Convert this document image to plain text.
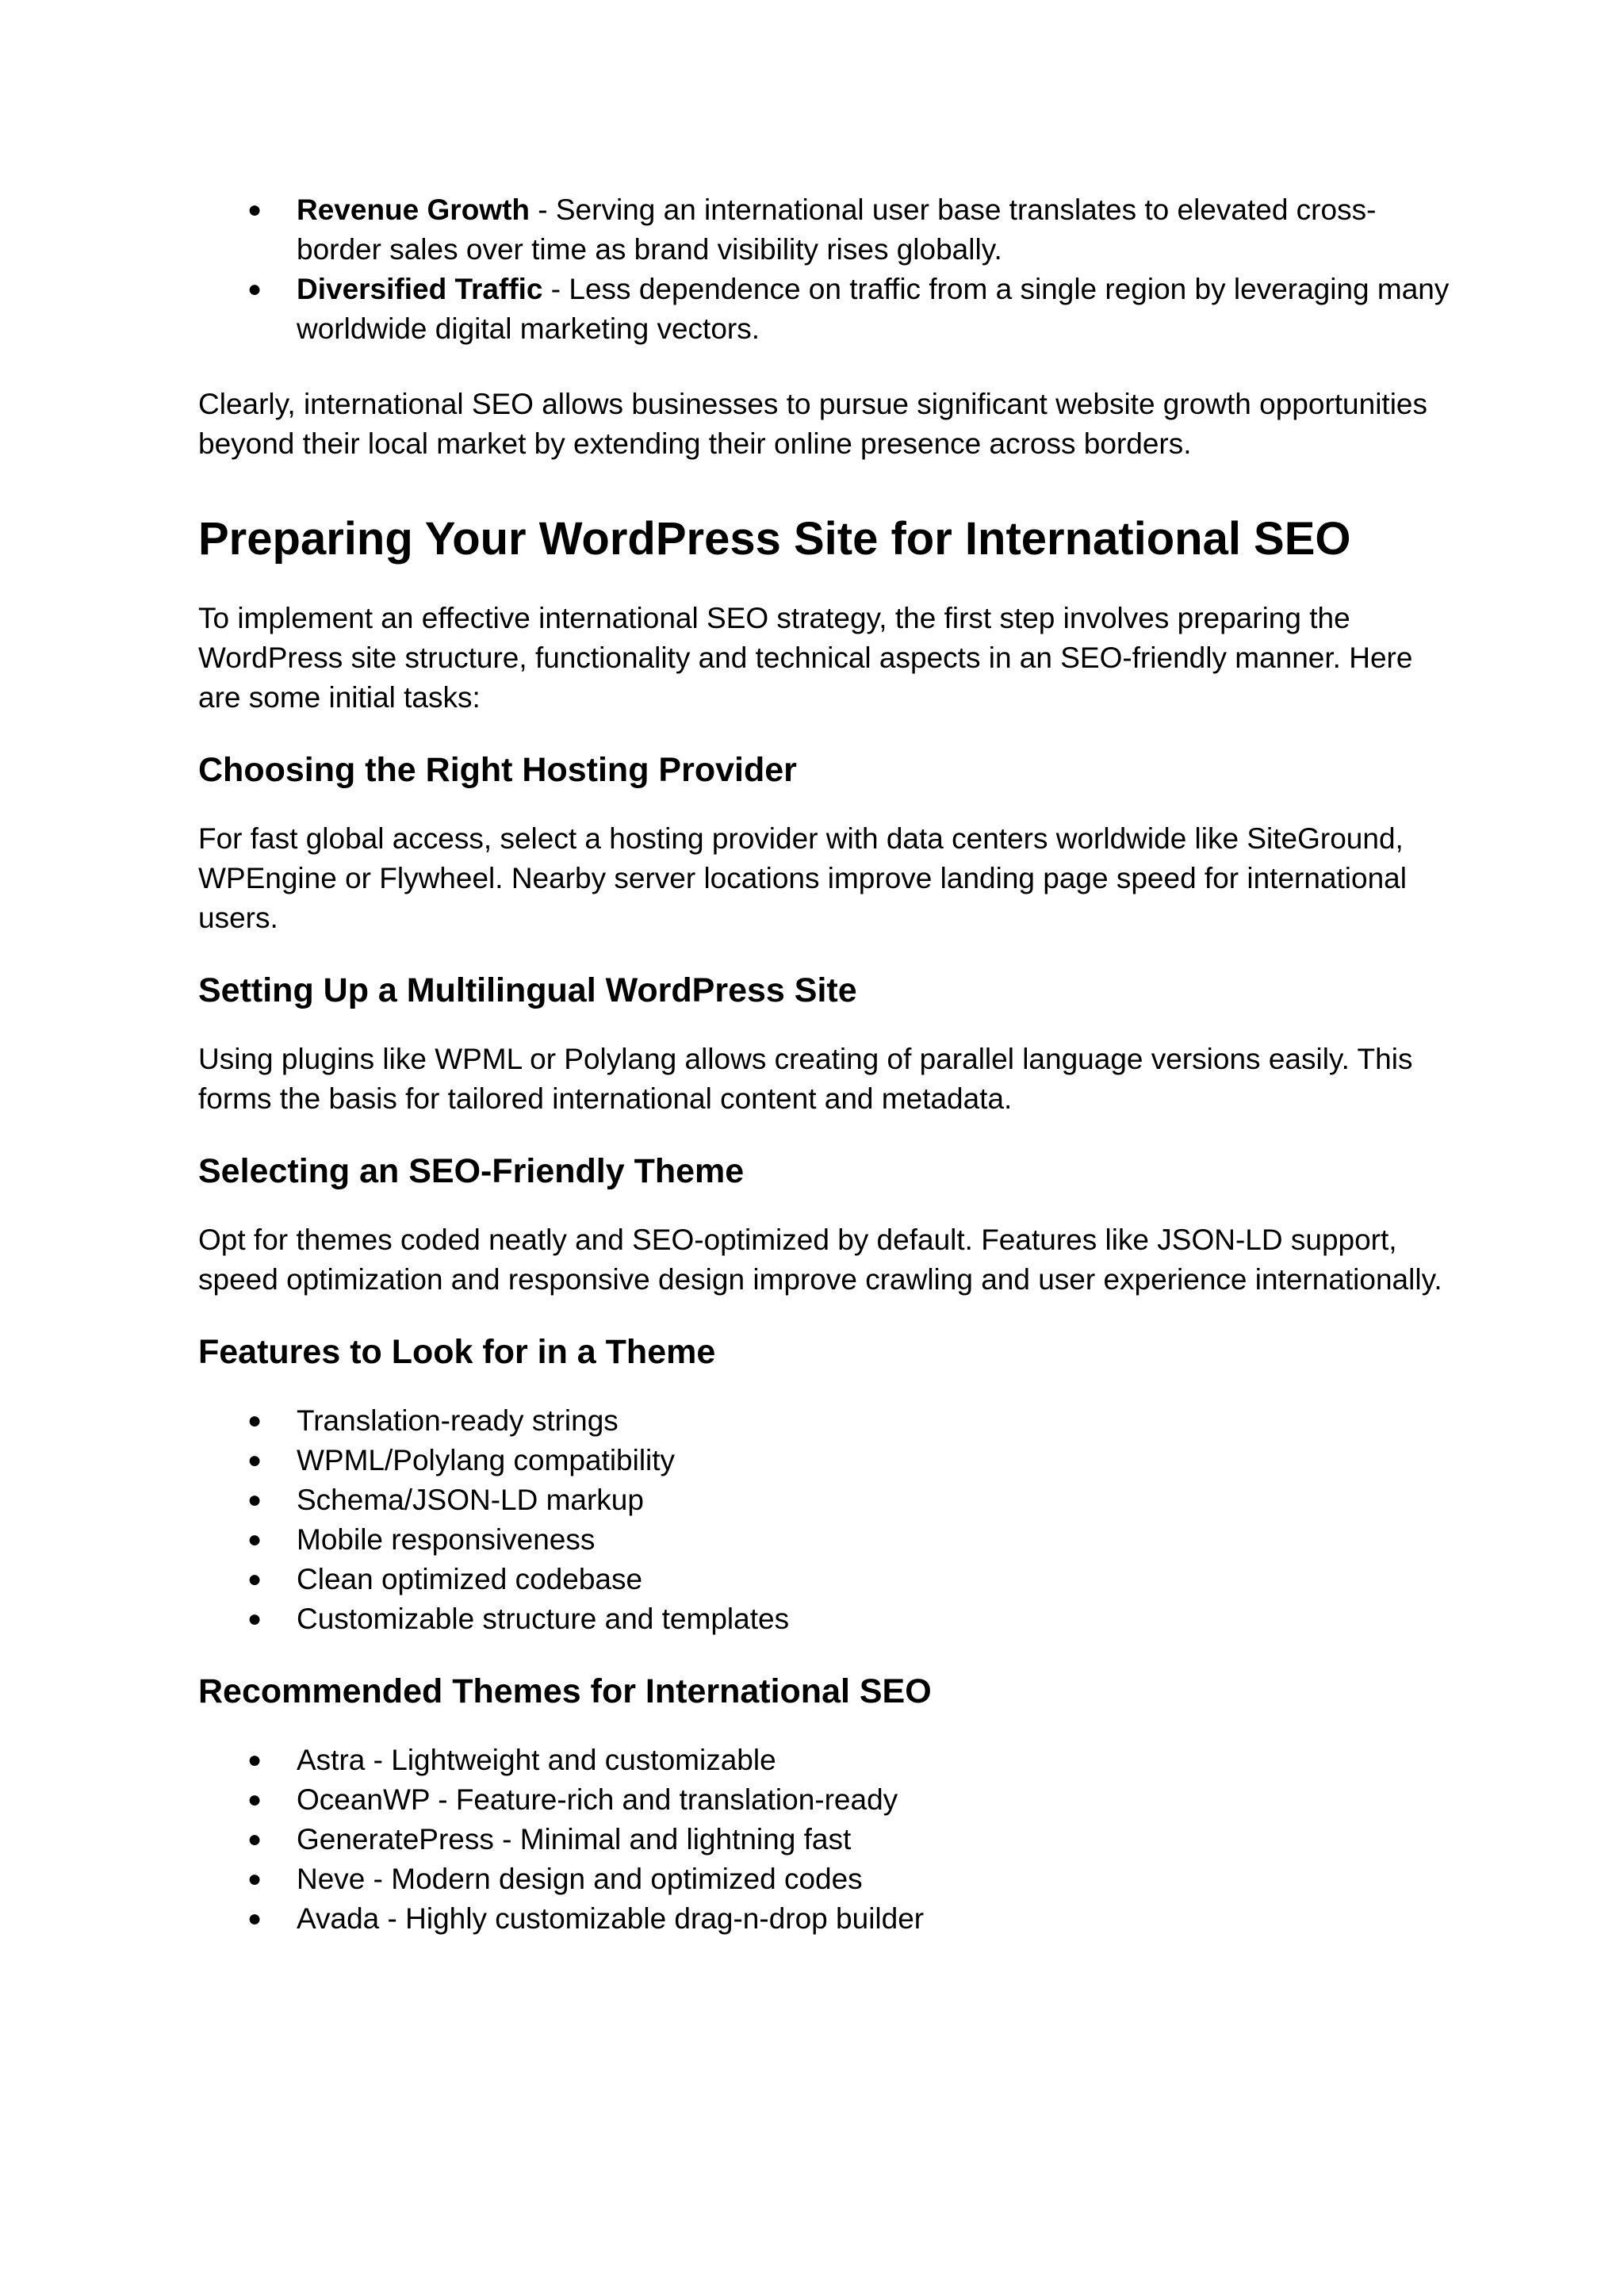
● Revenue Growth - Serving an international user base translates to elevated cross-border sales over time as brand visibility rises globally.
● Diversified Traffic - Less dependence on traffic from a single region by leveraging many worldwide digital marketing vectors.

Clearly, international SEO allows businesses to pursue significant website growth opportunities beyond their local market by extending their online presence across borders.

Preparing Your WordPress Site for International SEO

To implement an effective international SEO strategy, the first step involves preparing the WordPress site structure, functionality and technical aspects in an SEO-friendly manner. Here are some initial tasks:

Choosing the Right Hosting Provider

For fast global access, select a hosting provider with data centers worldwide like SiteGround, WPEngine or Flywheel. Nearby server locations improve landing page speed for international users.

Setting Up a Multilingual WordPress Site

Using plugins like WPML or Polylang allows creating of parallel language versions easily. This forms the basis for tailored international content and metadata.

Selecting an SEO-Friendly Theme

Opt for themes coded neatly and SEO-optimized by default. Features like JSON-LD support, speed optimization and responsive design improve crawling and user experience internationally.

Features to Look for in a Theme
● Translation-ready strings
● WPML/Polylang compatibility
● Schema/JSON-LD markup
● Mobile responsiveness
● Clean optimized codebase
● Customizable structure and templates
Recommended Themes for International SEO
● Astra - Lightweight and customizable
● OceanWP - Feature-rich and translation-ready
● GeneratePress - Minimal and lightning fast
● Neve - Modern design and optimized codes
● Avada - Highly customizable drag-n-drop builder
